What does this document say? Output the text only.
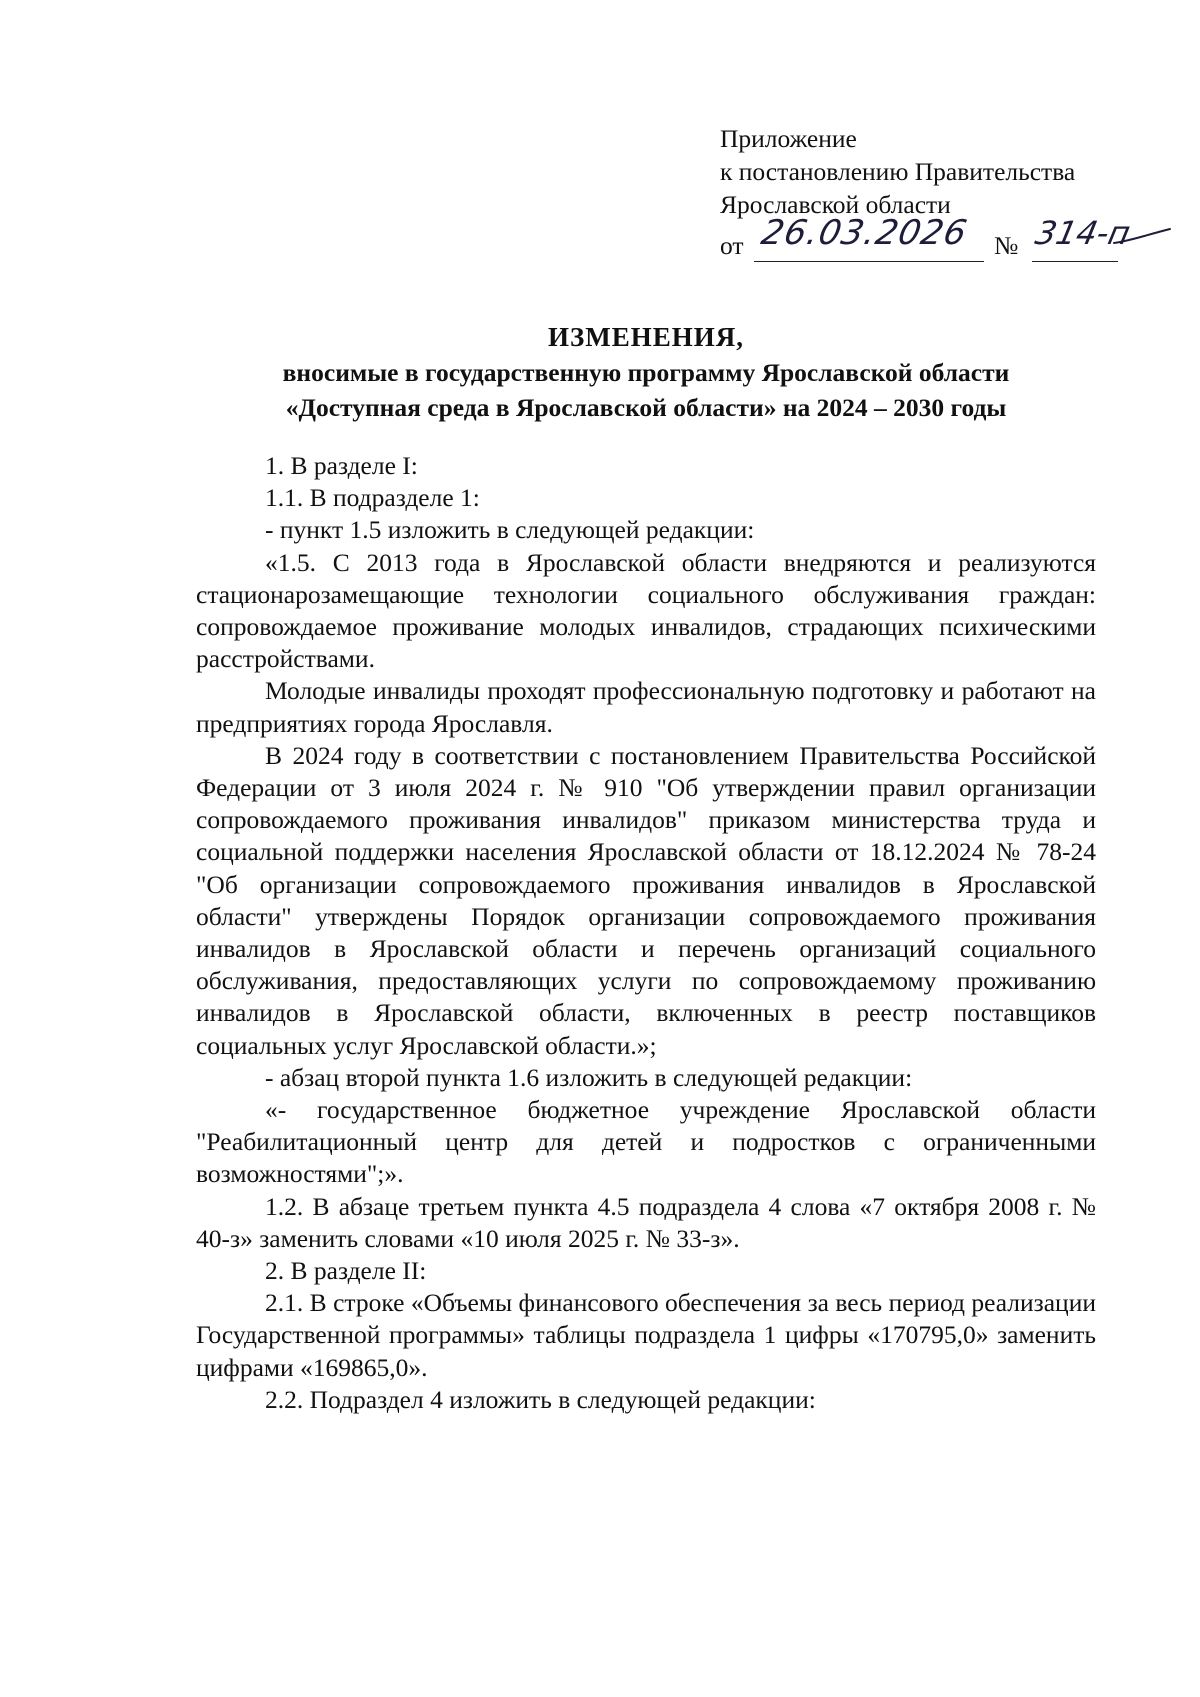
Приложение
к постановлению Правительства
Ярославской области
от 26.03.2026 № 314-п
ИЗМЕНЕНИЯ,
вносимые в государственную программу Ярославской области
«Доступная среда в Ярославской области» на 2024 – 2030 годы

1. В разделе I:

1.1. В подразделе 1:

- пункт 1.5 изложить в следующей редакции:

«1.5. С 2013 года в Ярославской области внедряются и реализуются стационарозамещающие технологии социального обслуживания граждан: сопровождаемое проживание молодых инвалидов, страдающих психическими расстройствами.

Молодые инвалиды проходят профессиональную подготовку и работают на предприятиях города Ярославля.

В 2024 году в соответствии с постановлением Правительства Российской Федерации от 3 июля 2024 г. № 910 "Об утверждении правил организации сопровождаемого проживания инвалидов" приказом министерства труда и социальной поддержки населения Ярославской области от 18.12.2024 № 78-24 "Об организации сопровождаемого проживания инвалидов в Ярославской области" утверждены Порядок организации сопровождаемого проживания инвалидов в Ярославской области и перечень организаций социального обслуживания, предоставляющих услуги по сопровождаемому проживанию инвалидов в Ярославской области, включенных в реестр поставщиков социальных услуг Ярославской области.»;

- абзац второй пункта 1.6 изложить в следующей редакции:

«- государственное бюджетное учреждение Ярославской области "Реабилитационный центр для детей и подростков с ограниченными возможностями";».

1.2. В абзаце третьем пункта 4.5 подраздела 4 слова «7 октября 2008 г. № 40-з» заменить словами «10 июля 2025 г. № 33-з».

2. В разделе II:

2.1. В строке «Объемы финансового обеспечения за весь период реализации Государственной программы» таблицы подраздела 1 цифры «170795,0» заменить цифрами «169865,0».

2.2. Подраздел 4 изложить в следующей редакции:
